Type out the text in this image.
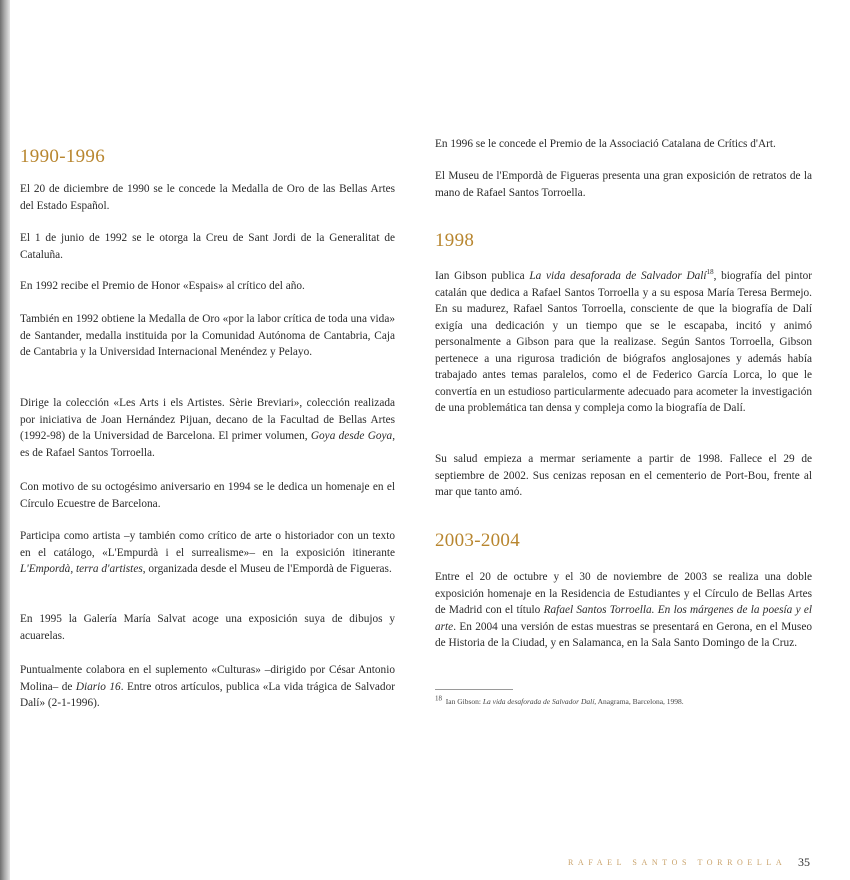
1990-1996

El 20 de diciembre de 1990 se le concede la Medalla de Oro de las Bellas Artes del Estado Español.

El 1 de junio de 1992 se le otorga la Creu de Sant Jordi de la Generalitat de Cataluña.

En 1992 recibe el Premio de Honor «Espais» al crítico del año.

También en 1992 obtiene la Medalla de Oro «por la labor crítica de toda una vida» de Santander, medalla instituida por la Comunidad Autónoma de Cantabria, Caja de Cantabria y la Universidad Internacional Menéndez y Pelayo.

Dirige la colección «Les Arts i els Artistes. Sèrie Breviari», colección realizada por iniciativa de Joan Hernández Pijuan, decano de la Facultad de Bellas Artes (1992-98) de la Universidad de Barcelona. El primer volumen, Goya desde Goya, es de Rafael Santos Torroella.

Con motivo de su octogésimo aniversario en 1994 se le dedica un homenaje en el Círculo Ecuestre de Barcelona.

Participa como artista –y también como crítico de arte o historiador con un texto en el catálogo, «L'Empurdà i el surrealisme»– en la exposición itinerante L'Empordà, terra d'artistes, organizada desde el Museu de l'Empordà de Figueras.

En 1995 la Galería María Salvat acoge una exposición suya de dibujos y acuarelas.

Puntualmente colabora en el suplemento «Culturas» –dirigido por César Antonio Molina– de Diario 16. Entre otros artículos, publica «La vida trágica de Salvador Dalí» (2-1-1996).

En 1996 se le concede el Premio de la Associació Catalana de Crítics d'Art.

El Museu de l'Empordà de Figueras presenta una gran exposición de retratos de la mano de Rafael Santos Torroella.

1998

Ian Gibson publica La vida desaforada de Salvador Dalí$^{18}$, biografía del pintor catalán que dedica a Rafael Santos Torroella y a su esposa María Teresa Bermejo. En su madurez, Rafael Santos Torroella, consciente de que la biografía de Dalí exigía una dedicación y un tiempo que se le escapaba, incitó y animó personalmente a Gibson para que la realizase. Según Santos Torroella, Gibson pertenece a una rigurosa tradición de biógrafos anglosajones y además había trabajado antes temas paralelos, como el de Federico García Lorca, lo que le convertía en un estudioso particularmente adecuado para acometer la investigación de una problemática tan densa y compleja como la biografía de Dalí.

Su salud empieza a mermar seriamente a partir de 1998. Fallece el 29 de septiembre de 2002. Sus cenizas reposan en el cementerio de Port-Bou, frente al mar que tanto amó.

2003-2004

Entre el 20 de octubre y el 30 de noviembre de 2003 se realiza una doble exposición homenaje en la Residencia de Estudiantes y el Círculo de Bellas Artes de Madrid con el título Rafael Santos Torroella. En los márgenes de la poesía y el arte. En 2004 una versión de estas muestras se presentará en Gerona, en el Museo de Historia de la Ciudad, y en Salamanca, en la Sala Santo Domingo de la Cruz.

$^{18}$ Ian Gibson: La vida desaforada de Salvador Dalí, Anagrama, Barcelona, 1998.

RAFAEL SANTOS TORROELLA 35
